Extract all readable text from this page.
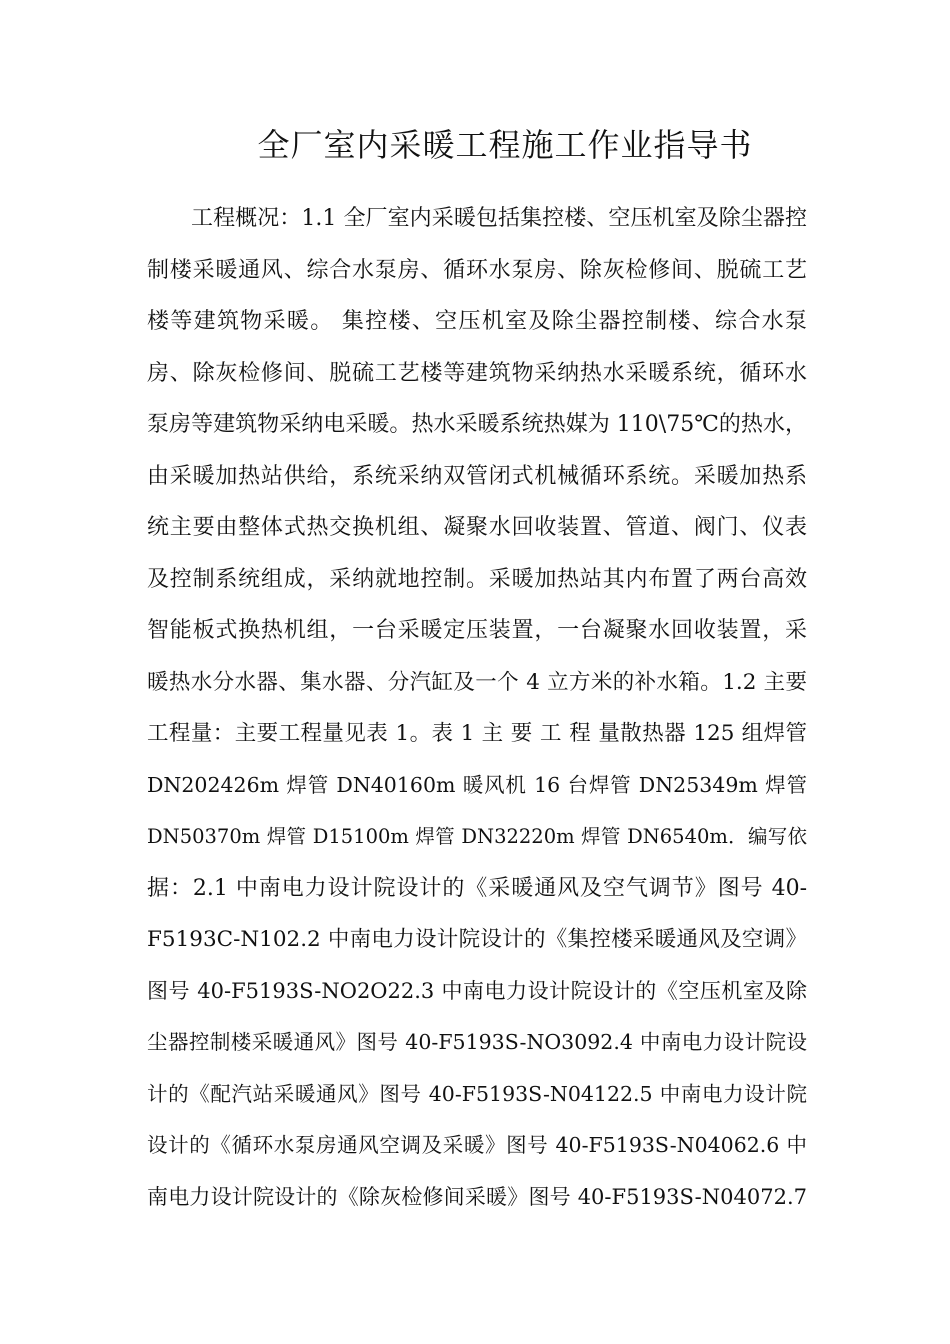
全厂室内采暖工程施工作业指导书
工程概况：1.1 全厂室内采暖包括集控楼、空压机室及除尘器控
制楼采暖通风、综合水泵房、循环水泵房、除灰检修间、脱硫工艺
楼等建筑物采暖。 集控楼、空压机室及除尘器控制楼、综合水泵
房、除灰检修间、脱硫工艺楼等建筑物采纳热水采暖系统，循环水
泵房等建筑物采纳电采暖。热水采暖系统热媒为 110\75℃的热水，
由采暖加热站供给，系统采纳双管闭式机械循环系统。采暖加热系
统主要由整体式热交换机组、凝聚水回收装置、管道、阀门、仪表
及控制系统组成，采纳就地控制。采暖加热站其内布置了两台高效
智能板式换热机组，一台采暖定压装置，一台凝聚水回收装置，采
暖热水分水器、集水器、分汽缸及一个 4 立方米的补水箱。1.2 主要
工程量：主要工程量见表 1。表 1 主 要 工 程 量散热器 125 组焊管
DN202426m 焊管 DN40160m 暖风机 16 台焊管 DN25349m 焊管
DN50370m 焊管 D15100m 焊管 DN32220m 焊管 DN6540m．编写依
据：2.1 中南电力设计院设计的《采暖通风及空气调节》图号 40-
F5193C-N102.2 中南电力设计院设计的《集控楼采暖通风及空调》
图号 40-F5193S-NO2O22.3 中南电力设计院设计的《空压机室及除
尘器控制楼采暖通风》图号 40-F5193S-NO3092.4 中南电力设计院设
计的《配汽站采暖通风》图号 40-F5193S-N04122.5 中南电力设计院
设计的《循环水泵房通风空调及采暖》图号 40-F5193S-N04062.6 中
南电力设计院设计的《除灰检修间采暖》图号 40-F5193S-N04072.7
